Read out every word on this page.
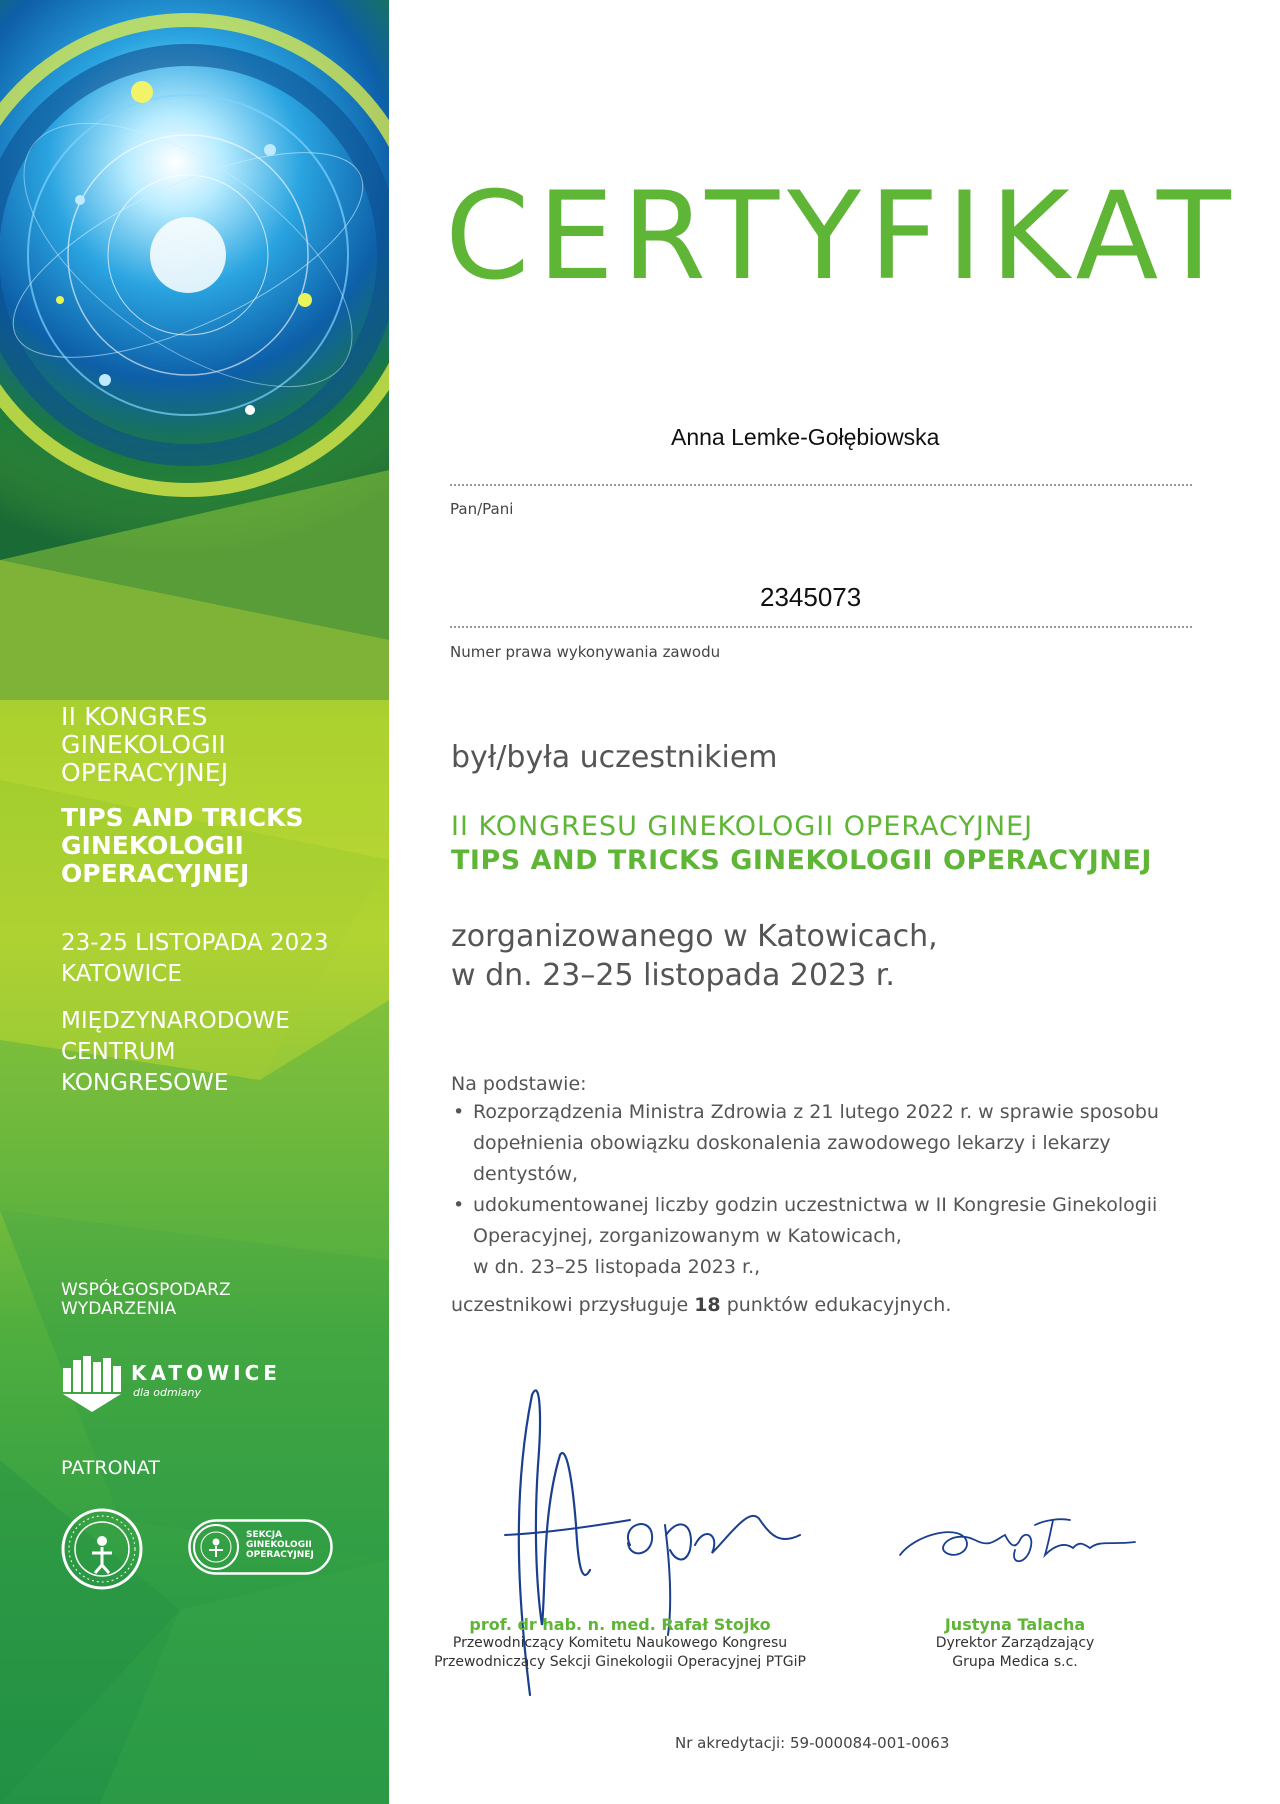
II KONGRES
GINEKOLOGII
OPERACYJNEJ
TIPS AND TRICKS
GINEKOLOGII
OPERACYJNEJ
23-25 LISTOPADA 2023
KATOWICE
MIĘDZYNARODOWE
CENTRUM
KONGRESOWE
WSPÓŁGOSPODARZ
WYDARZENIA
KATOWICE
dla odmiany
PATRONAT
SEKCJA
GINEKOLOGII
OPERACYJNEJ
CERTYFIKAT
Anna Lemke-Gołębiowska
Pan/Pani
2345073
Numer prawa wykonywania zawodu
był/była uczestnikiem
II KONGRESU GINEKOLOGII OPERACYJNEJ
TIPS AND TRICKS GINEKOLOGII OPERACYJNEJ
zorganizowanego w Katowicach,
w dn. 23–25 listopada 2023 r.
Na podstawie:
• Rozporządzenia Ministra Zdrowia z 21 lutego 2022 r. w sprawie sposobu
dopełnienia obowiązku doskonalenia zawodowego lekarzy i lekarzy
dentystów,
• udokumentowanej liczby godzin uczestnictwa w II Kongresie Ginekologii
Operacyjnej, zorganizowanym w Katowicach,
w dn. 23–25 listopada 2023 r.,
uczestnikowi przysługuje 18 punktów edukacyjnych.
prof. dr hab. n. med. Rafał Stojko
Przewodniczący Komitetu Naukowego Kongresu
Przewodniczący Sekcji Ginekologii Operacyjnej PTGiP
Justyna Talacha
Dyrektor Zarządzający
Grupa Medica s.c.
Nr akredytacji: 59-000084-001-0063
